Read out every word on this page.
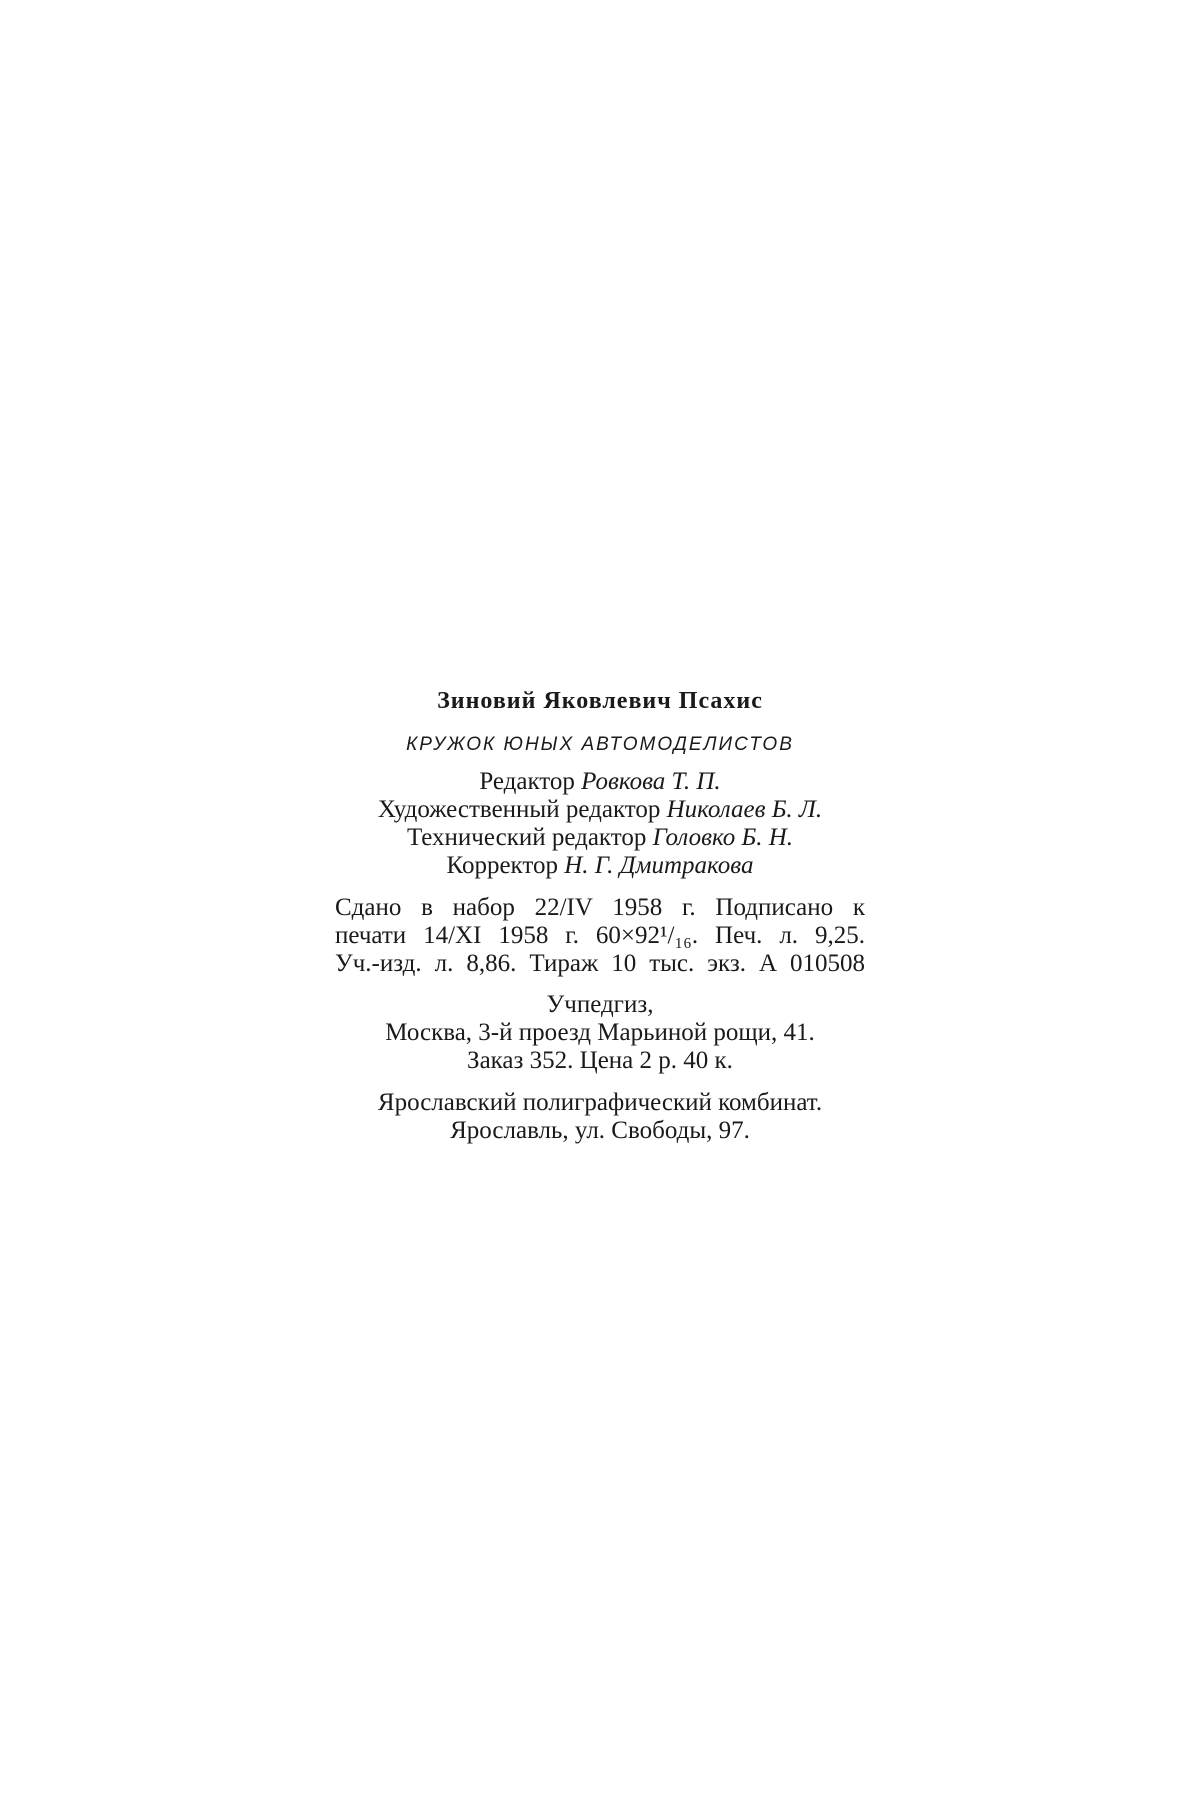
Зиновий Яковлевич Псахис
КРУЖОК ЮНЫХ АВТОМОДЕЛИСТОВ
Редактор Ровкова Т. П.
Художественный редактор Николаев Б. Л.
Технический редактор Головко Б. Н.
Корректор Н. Г. Дмитракова
Сдано в набор 22/IV 1958 г. Подписано к
печати 14/XI 1958 г. 60×92¹/₁₆. Печ. л. 9,25.
Уч.-изд. л. 8,86. Тираж 10 тыс. экз. А 010508
Учпедгиз,
Москва, 3-й проезд Марьиной рощи, 41.
Заказ 352. Цена 2 р. 40 к.
Ярославский полиграфический комбинат.
Ярославль, ул. Свободы, 97.
